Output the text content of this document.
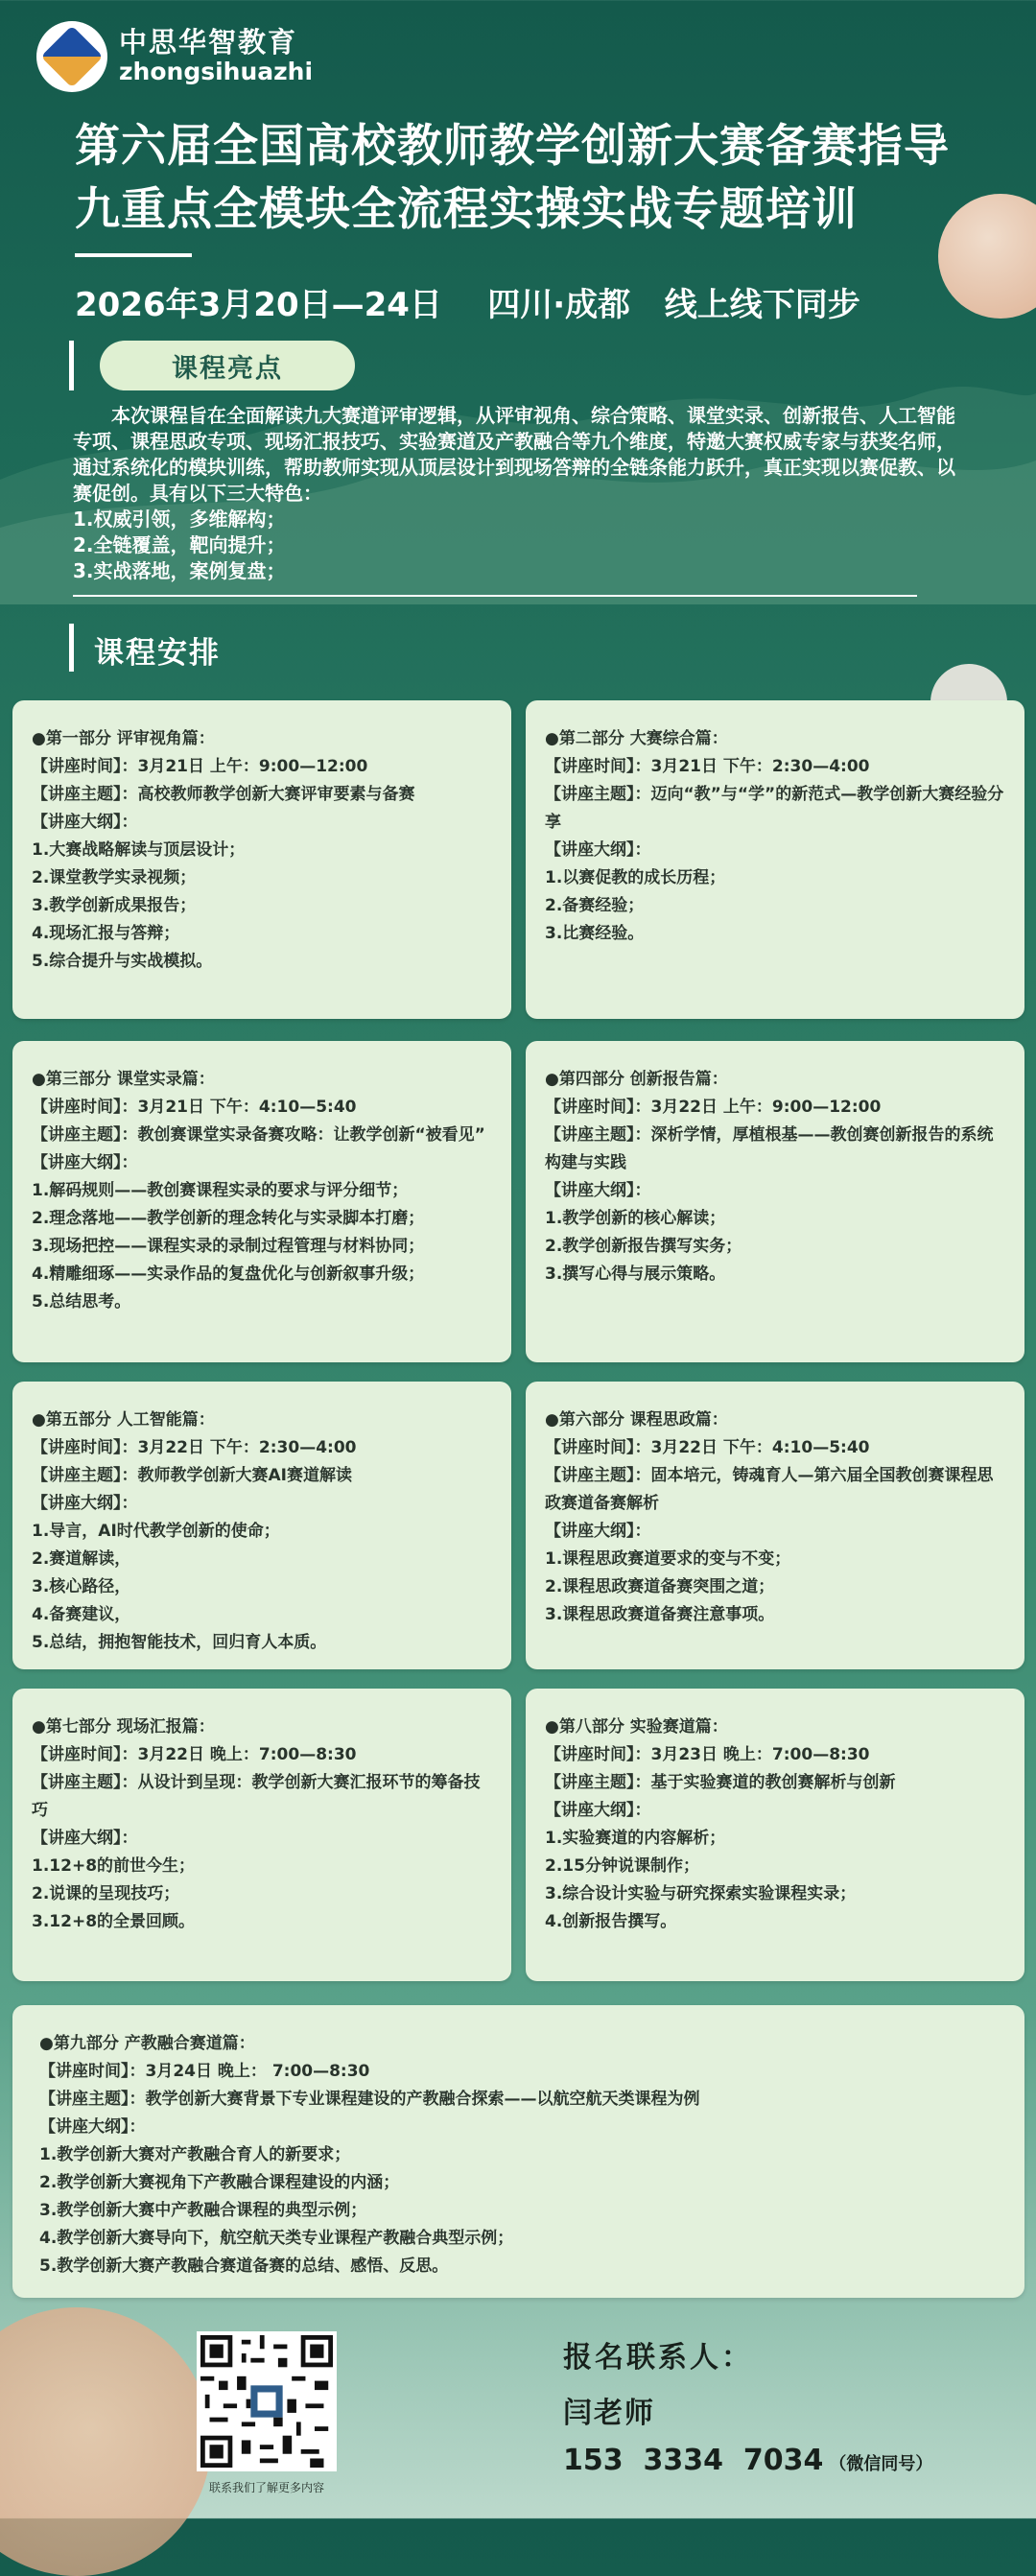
中思华智教育
zhongsihuazhi
第六届全国高校教师教学创新大赛备赛指导
九重点全模块全流程实操实战专题培训
2026年3月20日—24日    四川·成都   线上线下同步
课程亮点

本次课程旨在全面解读九大赛道评审逻辑，从评审视角、综合策略、课堂实录、创新报告、人工智能专项、课程思政专项、现场汇报技巧、实验赛道及产教融合等九个维度，特邀大赛权威专家与获奖名师，通过系统化的模块训练，帮助教师实现从顶层设计到现场答辩的全链条能力跃升，真正实现以赛促教、以赛促创。具有以下三大特色：

1.权威引领，多维解构；

2.全链覆盖，靶向提升；

3.实战落地，案例复盘；

课程安排
●第一部分 评审视角篇：
【讲座时间】：3月21日 上午：9:00—12:00
【讲座主题】：高校教师教学创新大赛评审要素与备赛
【讲座大纲】：
1.大赛战略解读与顶层设计；
2.课堂教学实录视频；
3.教学创新成果报告；
4.现场汇报与答辩；
5.综合提升与实战模拟。
●第二部分 大赛综合篇：
【讲座时间】：3月21日 下午：2:30—4:00
【讲座主题】：迈向“教”与“学”的新范式—教学创新大赛经验分享
【讲座大纲】：
1.以赛促教的成长历程；
2.备赛经验；
3.比赛经验。
●第三部分 课堂实录篇：
【讲座时间】：3月21日 下午：4:10—5:40
【讲座主题】：教创赛课堂实录备赛攻略：让教学创新“被看见”
【讲座大纲】：
1.解码规则——教创赛课程实录的要求与评分细节；
2.理念落地——教学创新的理念转化与实录脚本打磨；
3.现场把控——课程实录的录制过程管理与材料协同；
4.精雕细琢——实录作品的复盘优化与创新叙事升级；
5.总结思考。
●第四部分 创新报告篇：
【讲座时间】：3月22日 上午：9:00—12:00
【讲座主题】：深析学情，厚植根基——教创赛创新报告的系统构建与实践
【讲座大纲】：
1.教学创新的核心解读；
2.教学创新报告撰写实务；
3.撰写心得与展示策略。
●第五部分 人工智能篇：
【讲座时间】：3月22日 下午：2:30—4:00
【讲座主题】：教师教学创新大赛AI赛道解读
【讲座大纲】：
1.导言，AI时代教学创新的使命；
2.赛道解读，
3.核心路径，
4.备赛建议，
5.总结，拥抱智能技术，回归育人本质。
●第六部分 课程思政篇：
【讲座时间】：3月22日 下午：4:10—5:40
【讲座主题】：固本培元，铸魂育人—第六届全国教创赛课程思政赛道备赛解析
【讲座大纲】：
1.课程思政赛道要求的变与不变；
2.课程思政赛道备赛突围之道；
3.课程思政赛道备赛注意事项。
●第七部分 现场汇报篇：
【讲座时间】：3月22日 晚上：7:00—8:30
【讲座主题】：从设计到呈现：教学创新大赛汇报环节的筹备技巧
【讲座大纲】：
1.12+8的前世今生；
2.说课的呈现技巧；
3.12+8的全景回顾。
●第八部分 实验赛道篇：
【讲座时间】：3月23日 晚上：7:00—8:30
【讲座主题】：基于实验赛道的教创赛解析与创新
【讲座大纲】：
1.实验赛道的内容解析；
2.15分钟说课制作；
3.综合设计实验与研究探索实验课程实录；
4.创新报告撰写。
●第九部分 产教融合赛道篇：
【讲座时间】：3月24日 晚上： 7:00—8:30
【讲座主题】：教学创新大赛背景下专业课程建设的产教融合探索——以航空航天类课程为例
【讲座大纲】：
1.教学创新大赛对产教融合育人的新要求；
2.教学创新大赛视角下产教融合课程建设的内涵；
3.教学创新大赛中产教融合课程的典型示例；
4.教学创新大赛导向下，航空航天类专业课程产教融合典型示例；
5.教学创新大赛产教融合赛道备赛的总结、感悟、反思。
联系我们了解更多内容
报名联系人：
闫老师
153  3334  7034 （微信同号）
